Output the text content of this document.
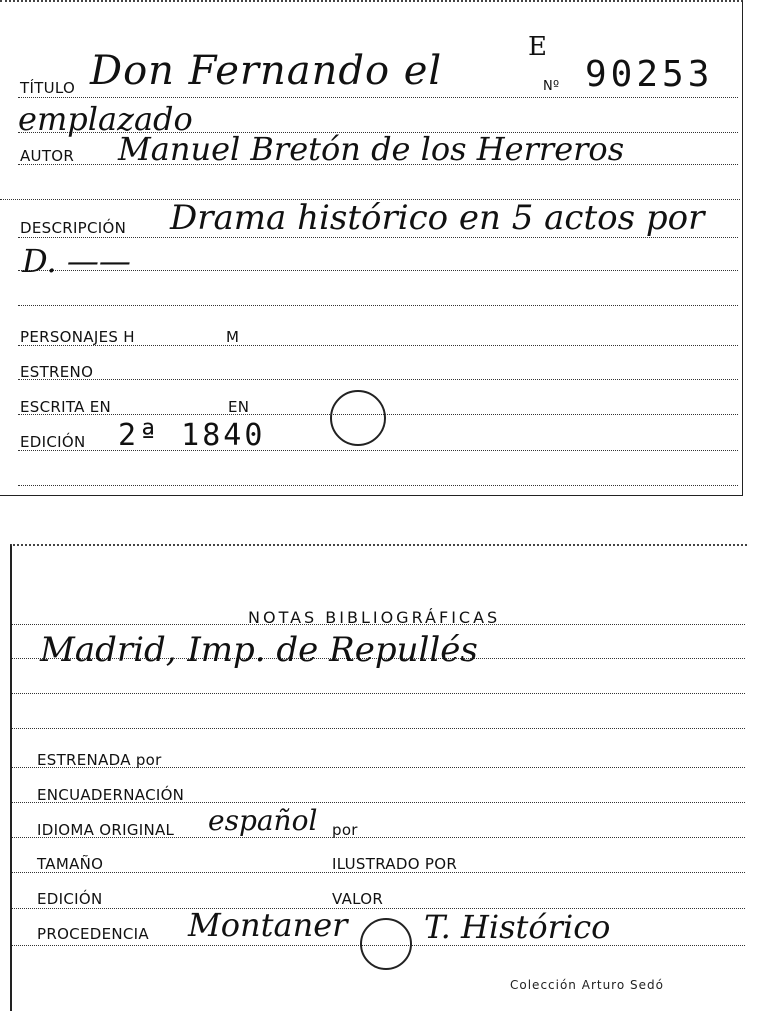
TÍTULO Don Fernando el
E
Nº 90253
emplazado
AUTOR Manuel Bretón de los Herreros
DESCRIPCIÓN Drama histórico en 5 actos por
D. ——
PERSONAJES H	M
ESTRENO
ESCRITA EN	EN
EDICIÓN 2ª 1840
NOTAS BIBLIOGRÁFICAS
Madrid, Imp. de Repullés
ESTRENADA por
ENCUADERNACIÓN
IDIOMA ORIGINAL español por
TAMAÑO	ILUSTRADO POR
EDICIÓN	VALOR
PROCEDENCIA Montaner T. Histórico
Colección Arturo Sedó
